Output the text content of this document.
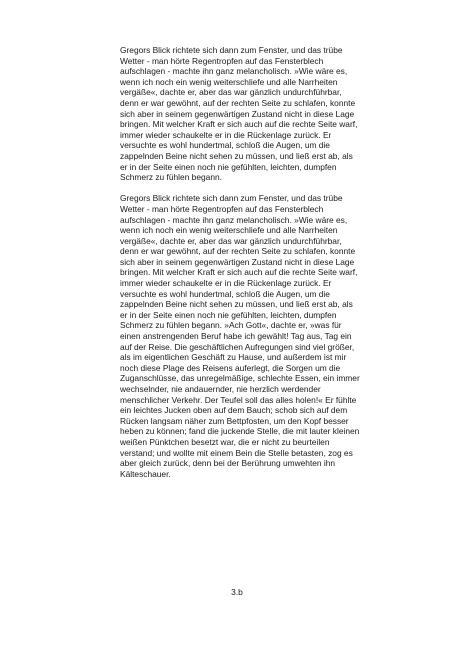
Gregors Blick richtete sich dann zum Fenster, und das trübe Wetter - man hörte Regentropfen auf das Fensterblech aufschlagen - machte ihn ganz melancholisch. »Wie wäre es, wenn ich noch ein wenig weiterschliefe und alle Narrheiten vergäße«, dachte er, aber das war gänzlich undurchführbar, denn er war gewöhnt, auf der rechten Seite zu schlafen, konnte sich aber in seinem gegenwärtigen Zustand nicht in diese Lage bringen. Mit welcher Kraft er sich auch auf die rechte Seite warf, immer wieder schaukelte er in die Rückenlage zurück. Er versuchte es wohl hundertmal, schloß die Augen, um die zappelnden Beine nicht sehen zu müssen, und ließ erst ab, als er in der Seite einen noch nie gefühlten, leichten, dumpfen Schmerz zu fühlen begann.

Gregors Blick richtete sich dann zum Fenster, und das trübe Wetter - man hörte Regentropfen auf das Fensterblech aufschlagen - machte ihn ganz melancholisch. »Wie wäre es, wenn ich noch ein wenig weiterschliefe und alle Narrheiten vergäße«, dachte er, aber das war gänzlich undurchführbar, denn er war gewöhnt, auf der rechten Seite zu schlafen, konnte sich aber in seinem gegenwärtigen Zustand nicht in diese Lage bringen. Mit welcher Kraft er sich auch auf die rechte Seite warf, immer wieder schaukelte er in die Rückenlage zurück. Er versuchte es wohl hundertmal, schloß die Augen, um die zappelnden Beine nicht sehen zu müssen, und ließ erst ab, als er in der Seite einen noch nie gefühlten, leichten, dumpfen Schmerz zu fühlen begann. »Ach Gott«, dachte er, »was für einen anstrengenden Beruf habe ich gewählt! Tag aus, Tag ein auf der Reise. Die geschäftlichen Aufregungen sind viel größer, als im eigentlichen Geschäft zu Hause, und außerdem ist mir noch diese Plage des Reisens auferlegt, die Sorgen um die Zuganschlüsse, das unregelmäßige, schlechte Essen, ein immer wechselnder, nie andauernder, nie herzlich werdender menschlicher Verkehr. Der Teufel soll das alles holen!« Er fühlte ein leichtes Jucken oben auf dem Bauch; schob sich auf dem Rücken langsam näher zum Bettpfosten, um den Kopf besser heben zu können; fand die juckende Stelle, die mit lauter kleinen weißen Pünktchen besetzt war, die er nicht zu beurteilen verstand; und wollte mit einem Bein die Stelle betasten, zog es aber gleich zurück, denn bei der Berührung umwehten ihn Kälteschauer.

3.b
